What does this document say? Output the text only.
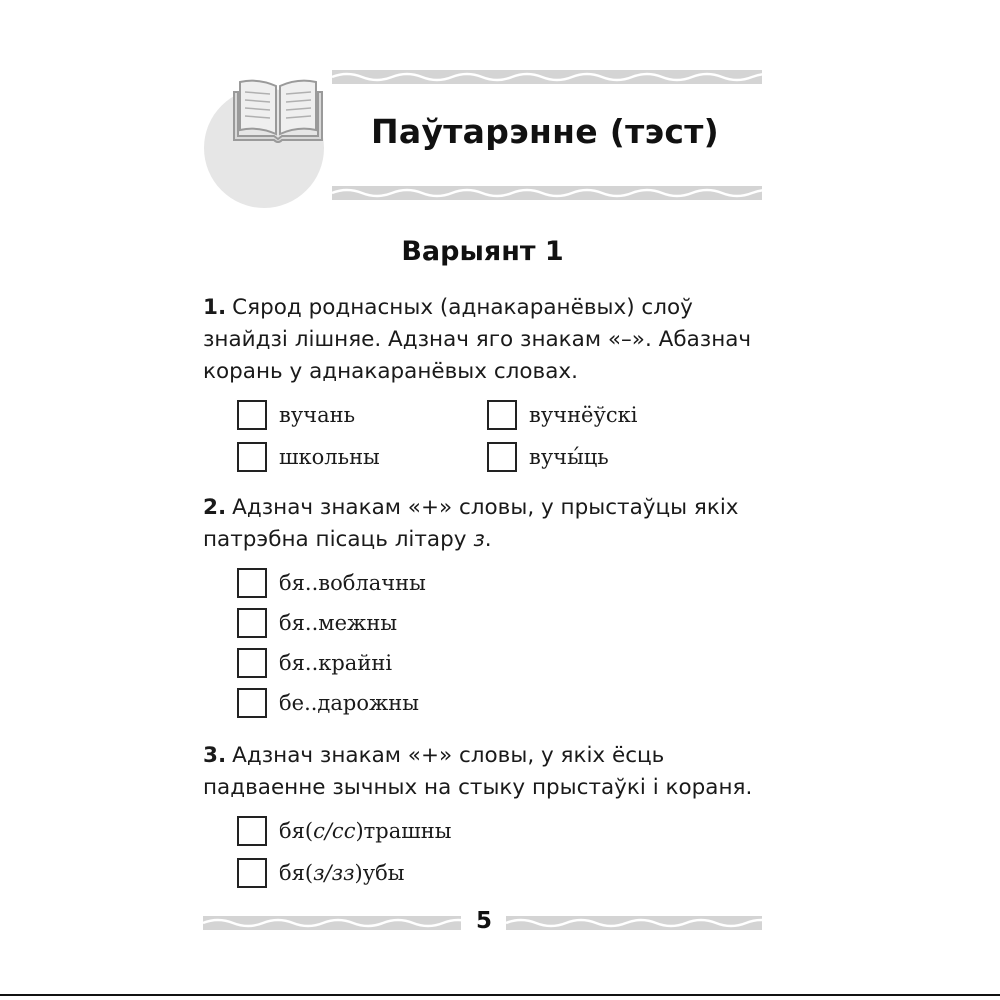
Паўтарэнне (тэст)
Варыянт 1
1. Сярод роднасных (аднакаранёвых) слоў знайдзі лішняе. Адзнач яго знакам «–». Абазнач корань у аднакаранёвых словах.
вучань	вучнёўскі
школьны	вучы́ць
2. Адзнач знакам «+» словы, у прыстаўцы якіх патрэбна пісаць літару з.
бя..воблачны
бя..межны
бя..крайні
бе..дарожны
3. Адзнач знакам «+» словы, у якіх ёсць падваенне зычных на стыку прыстаўкі і кораня.
бя(с/сс)трашны
бя(з/зз)убы
5
